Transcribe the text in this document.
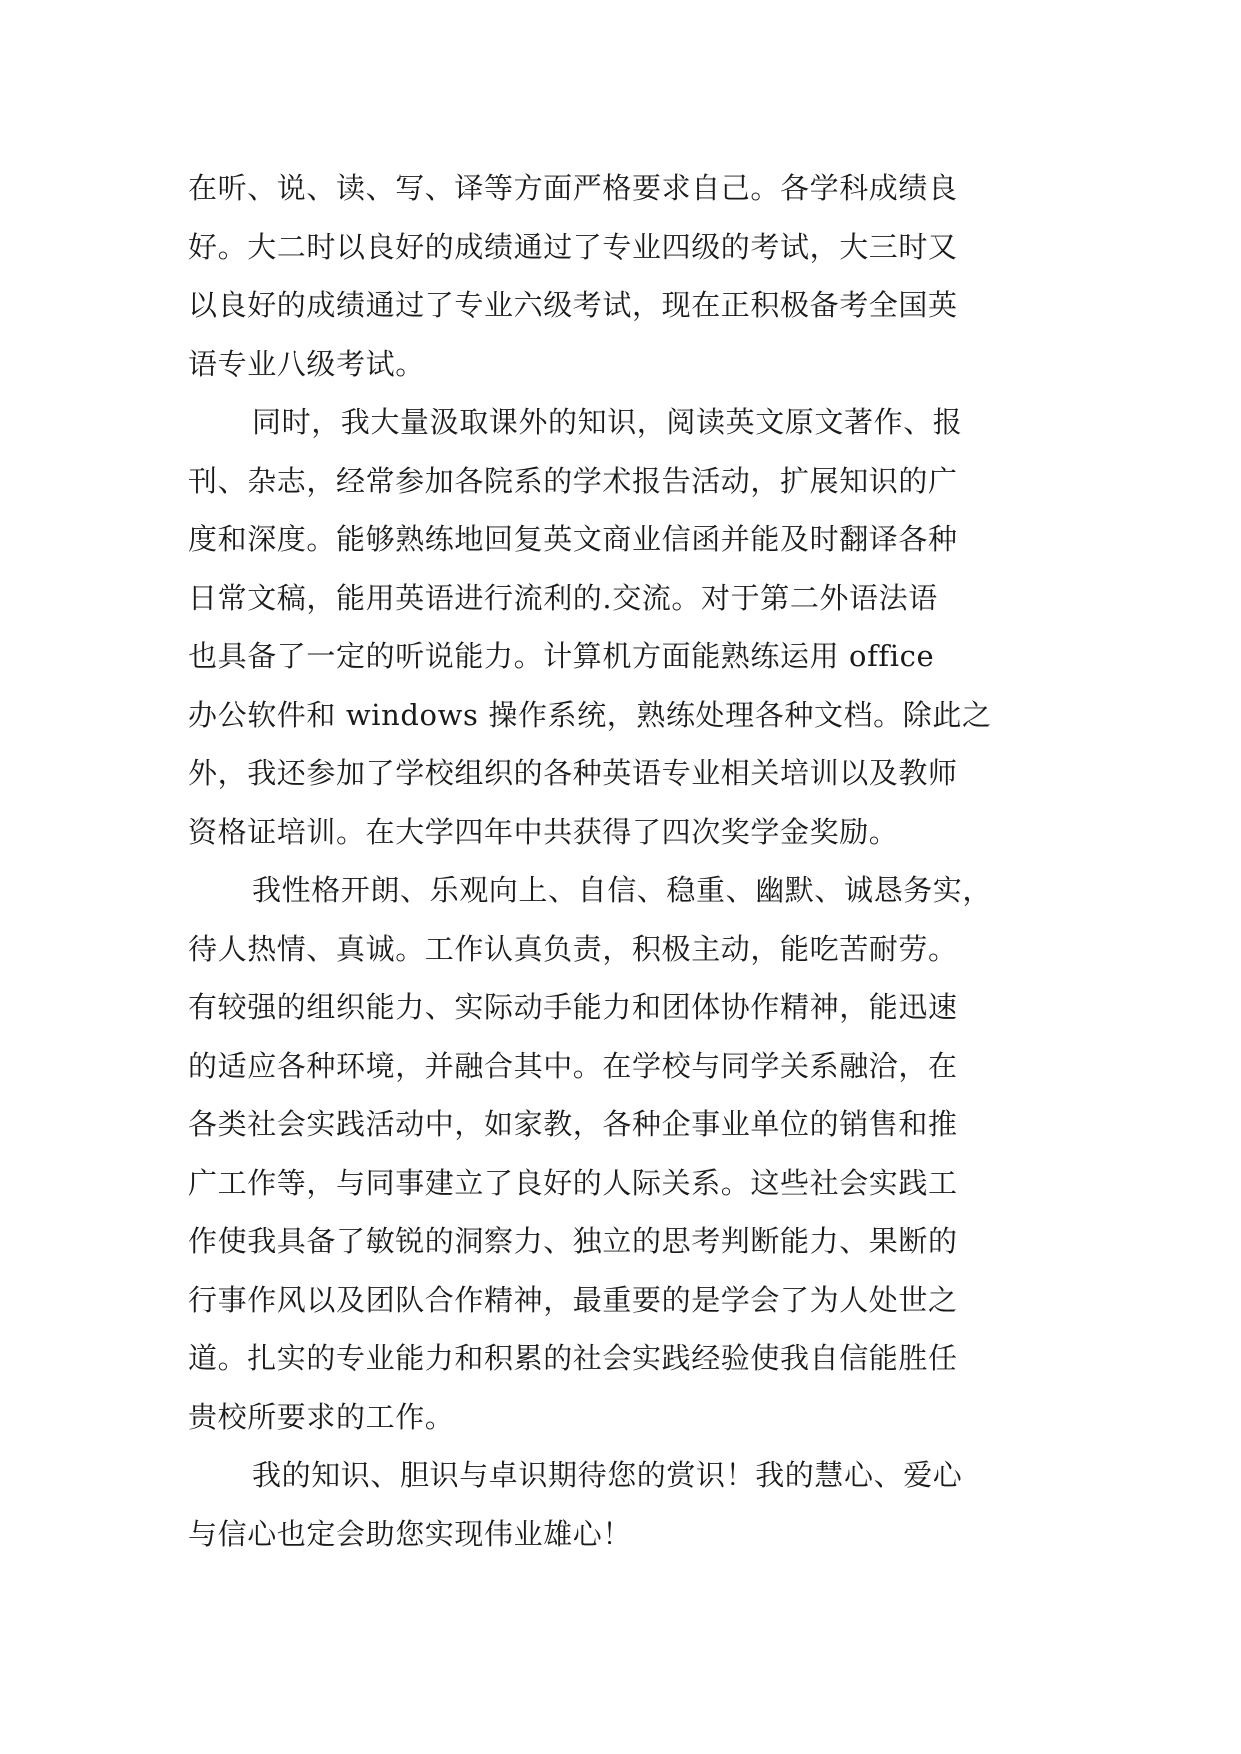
在听、说、读、写、译等方面严格要求自己。各学科成绩良
好。大二时以良好的成绩通过了专业四级的考试，大三时又
以良好的成绩通过了专业六级考试，现在正积极备考全国英
语专业八级考试。
同时，我大量汲取课外的知识，阅读英文原文著作、报
刊、杂志，经常参加各院系的学术报告活动，扩展知识的广
度和深度。能够熟练地回复英文商业信函并能及时翻译各种
日常文稿，能用英语进行流利的.交流。对于第二外语法语
也具备了一定的听说能力。计算机方面能熟练运用 office
办公软件和 windows 操作系统，熟练处理各种文档。除此之
外，我还参加了学校组织的各种英语专业相关培训以及教师
资格证培训。在大学四年中共获得了四次奖学金奖励。
我性格开朗、乐观向上、自信、稳重、幽默、诚恳务实，
待人热情、真诚。工作认真负责，积极主动，能吃苦耐劳。
有较强的组织能力、实际动手能力和团体协作精神，能迅速
的适应各种环境，并融合其中。在学校与同学关系融洽，在
各类社会实践活动中，如家教，各种企事业单位的销售和推
广工作等，与同事建立了良好的人际关系。这些社会实践工
作使我具备了敏锐的洞察力、独立的思考判断能力、果断的
行事作风以及团队合作精神，最重要的是学会了为人处世之
道。扎实的专业能力和积累的社会实践经验使我自信能胜任
贵校所要求的工作。
我的知识、胆识与卓识期待您的赏识！我的慧心、爱心
与信心也定会助您实现伟业雄心！
